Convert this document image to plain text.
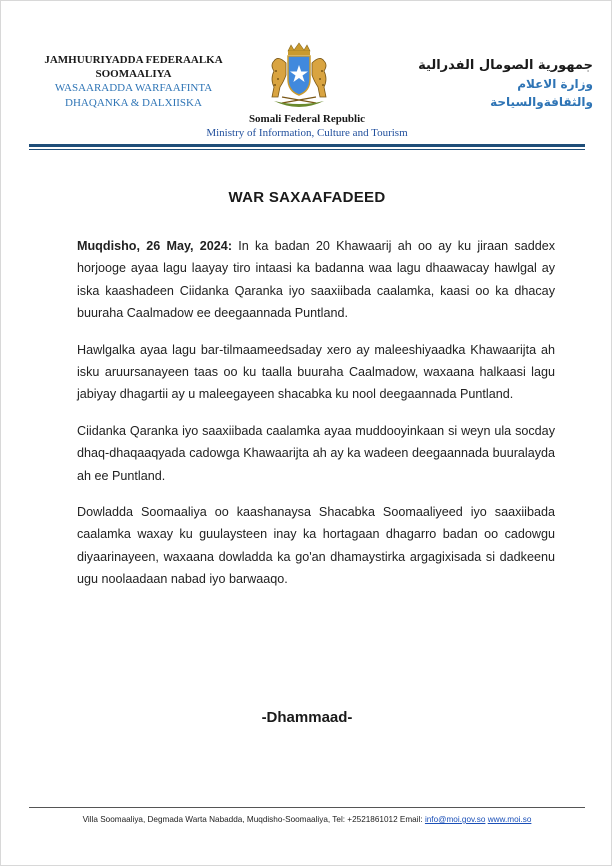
JAMHUURIYADDA FEDERAALKA
SOOMAALIYA
WASAARADDA WARFAAFINTA
DHAQANKA & DALXIISKA
Somali Federal Republic
Ministry of Information, Culture and Tourism
جمهورية الصومال الفدرالية
وزارة الاعلام
والثقافةوالسياحة
WAR SAXAAFADEED

Muqdisho, 26 May, 2024: In ka badan 20 Khawaarij ah oo ay ku jiraan saddex horjooge ayaa lagu laayay tiro intaasi ka badanna waa lagu dhaawacay hawlgal ay iska kaashadeen Ciidanka Qaranka iyo saaxiibada caalamka, kaasi oo ka dhacay buuraha Caalmadow ee deegaannada Puntland.

Hawlgalka ayaa lagu bar-tilmaameedsaday xero ay maleeshiyaadka Khawaarijta ah isku aruursanayeen taas oo ku taalla buuraha Caalmadow, waxaana halkaasi lagu jabiyay dhagartii ay u maleegayeen shacabka ku nool deegaannada Puntland.

Ciidanka Qaranka iyo saaxiibada caalamka ayaa muddooyinkaan si weyn ula socday dhaq-dhaqaaqyada cadowga Khawaarijta ah ay ka wadeen deegaannada buuralayda ah ee Puntland.

Dowladda Soomaaliya oo kaashanaysa Shacabka Soomaaliyeed iyo saaxiibada caalamka waxay ku guulaysteen inay ka hortagaan dhagarro badan oo cadowgu diyaarinayeen, waxaana dowladda ka go'an dhamaystirka argagixisada si dadkeenu ugu noolaadaan nabad iyo barwaaqo.

-Dhammaad-
Villa Soomaaliya, Degmada Warta Nabadda, Muqdisho-Soomaaliya, Tel: +2521861012 Email: info@moi.gov.so www.moi.so
